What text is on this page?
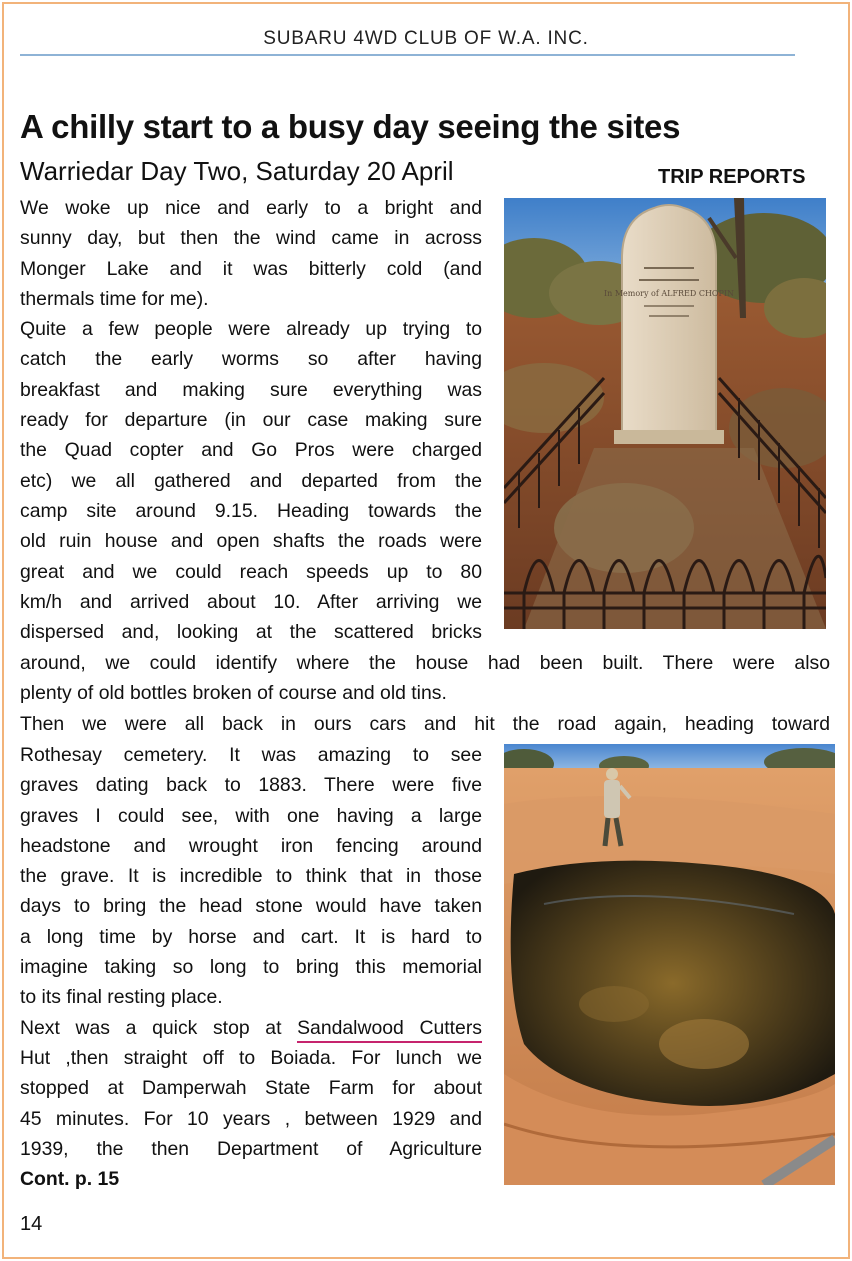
SUBARU 4WD CLUB OF W.A. INC.
A chilly start to a busy day seeing the sites
Warriedar Day Two, Saturday 20 April	TRIP REPORTS
We woke up nice and early to a bright and
sunny day, but then the wind came in across
Monger Lake and it was bitterly cold (and
thermals time for me).
Quite a few people were already up trying to
catch the early worms so after having
breakfast and making sure everything was
ready for departure (in our case making sure
the Quad copter and Go Pros were charged
etc) we all gathered and departed from the
camp site around 9.15. Heading towards the
old ruin house and open shafts the roads were
great and we could reach speeds up to 80
km/h and arrived about 10. After arriving we
dispersed and, looking at the scattered bricks
around, we could identify where the house had been built. There were also
plenty of old bottles broken of course and old tins.
Then we were all back in ours cars and hit the road again, heading toward
Rothesay cemetery. It was amazing to see
graves dating back to 1883. There were five
graves I could see, with one having a large
headstone and wrought iron fencing around
the grave. It is incredible to think that in those
days to bring the head stone would have taken
a long time by horse and cart. It is hard to
imagine taking so long to bring this memorial
to its final resting place.
Next was a quick stop at Sandalwood Cutters
Hut ,then straight off to Boiada. For lunch we
stopped at Damperwah State Farm for about
45 minutes. For 10 years , between 1929 and
1939, the then Department of Agriculture
Cont. p. 15
14
In Memory of ALFRED CHOPIN
